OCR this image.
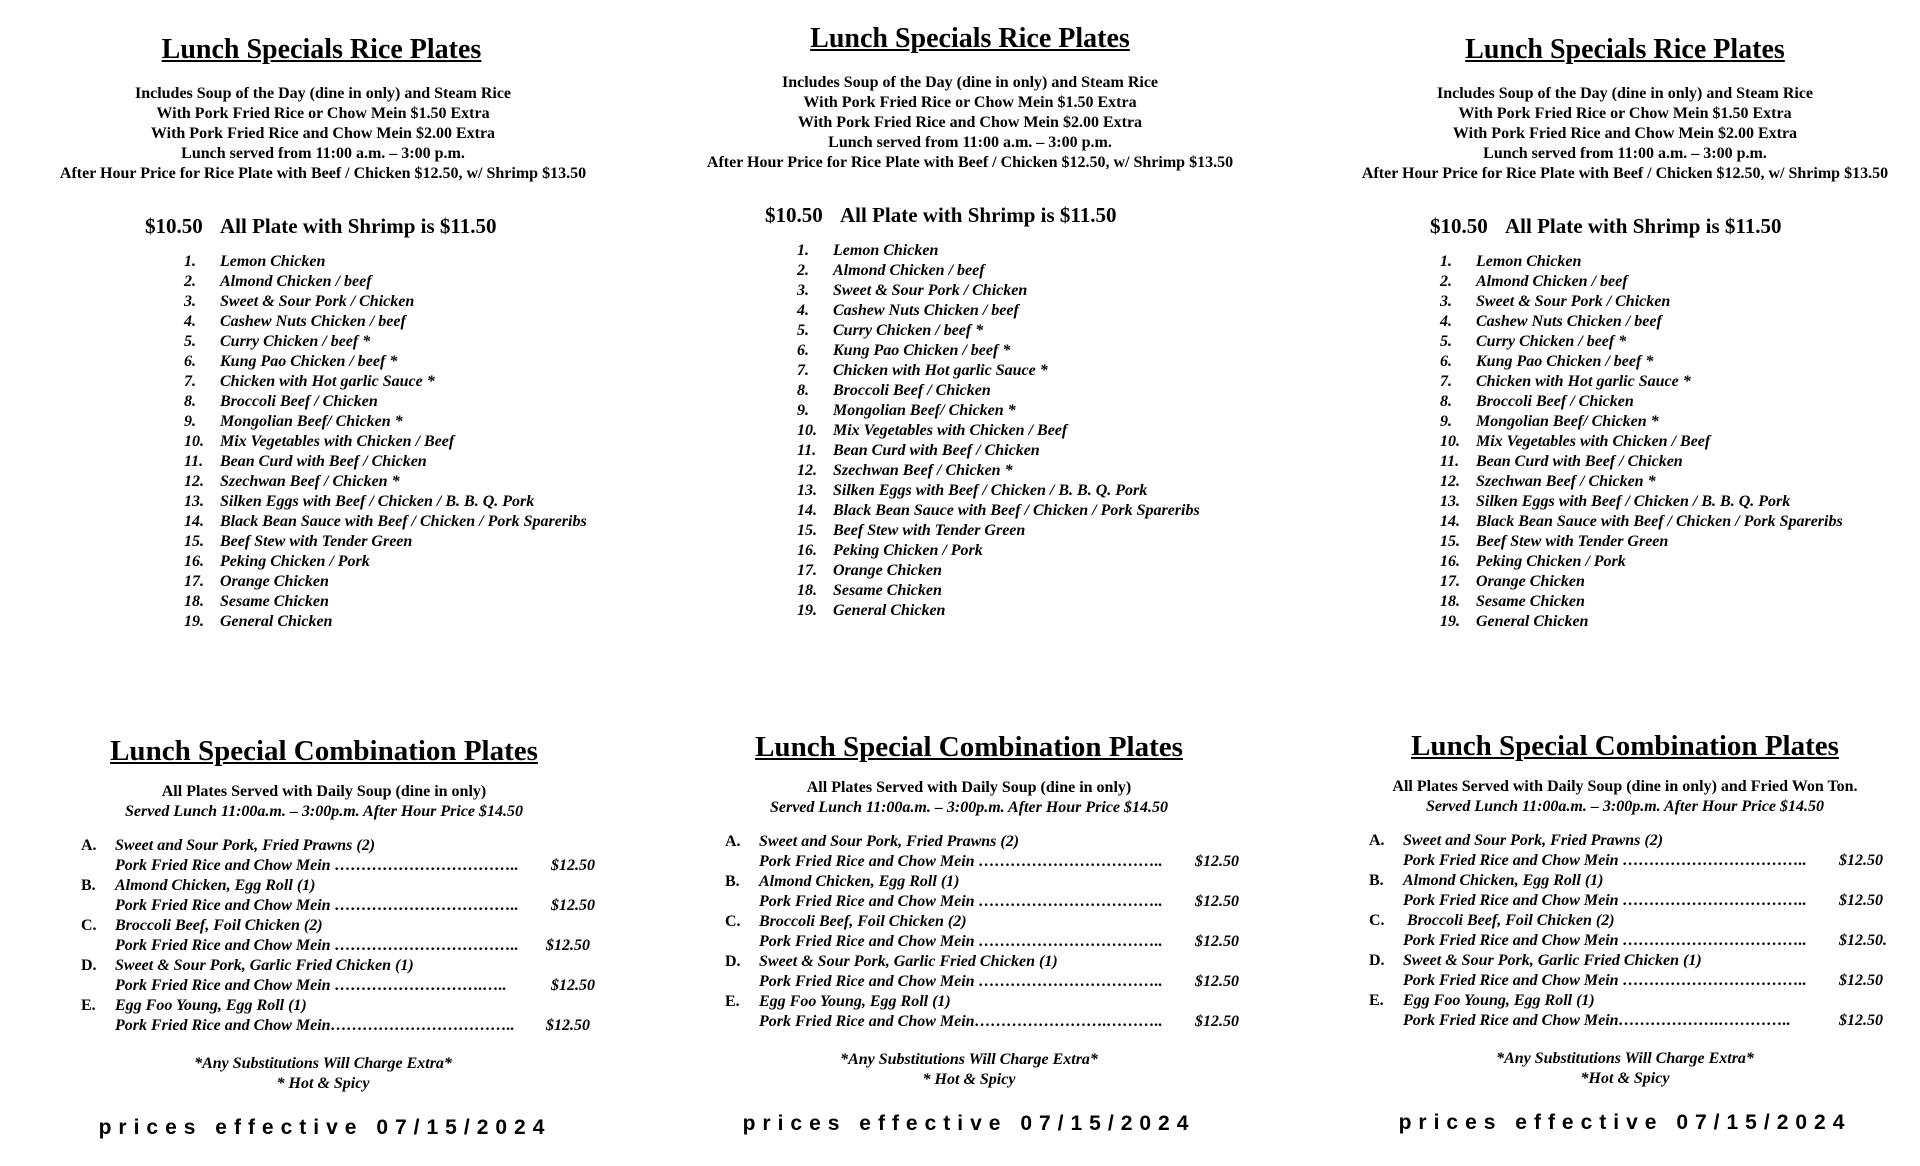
Lunch Specials Rice Plates
Includes Soup of the Day (dine in only) and Steam Rice
With Pork Fried Rice or Chow Mein $1.50 Extra
With Pork Fried Rice and Chow Mein $2.00 Extra
Lunch served from 11:00 a.m. – 3:00 p.m.
After Hour Price for Rice Plate with Beef / Chicken $12.50, w/ Shrimp $13.50
$10.50 All Plate with Shrimp is $11.50
1. Lemon Chicken
2. Almond Chicken / beef
3. Sweet & Sour Pork / Chicken
4. Cashew Nuts Chicken / beef
5. Curry Chicken / beef *
6. Kung Pao Chicken / beef *
7. Chicken with Hot garlic Sauce *
8. Broccoli Beef / Chicken
9. Mongolian Beef/ Chicken *
10. Mix Vegetables with Chicken / Beef
11. Bean Curd with Beef / Chicken
12. Szechwan Beef / Chicken *
13. Silken Eggs with Beef / Chicken / B. B. Q. Pork
14. Black Bean Sauce with Beef / Chicken / Pork Spareribs
15. Beef Stew with Tender Green
16. Peking Chicken / Pork
17. Orange Chicken
18. Sesame Chicken
19. General Chicken
Lunch Special Combination Plates
All Plates Served with Daily Soup (dine in only)
Served Lunch 11:00a.m. – 3:00p.m. After Hour Price $14.50
A. Sweet and Sour Pork, Fried Prawns (2)
Pork Fried Rice and Chow Mein …………………………….. $12.50
B. Almond Chicken, Egg Roll (1)
Pork Fried Rice and Chow Mein …………………………….. $12.50
C. Broccoli Beef, Foil Chicken (2)
Pork Fried Rice and Chow Mein …………………………….. $12.50
D. Sweet & Sour Pork, Garlic Fried Chicken (1)
Pork Fried Rice and Chow Mein ……………………….…..	$12.50
E. Egg Foo Young, Egg Roll (1)
Pork Fried Rice and Chow Mein…………………………….. $12.50
*Any Substitutions Will Charge Extra*
* Hot & Spicy
prices effective 07/15/2024
Lunch Specials Rice Plates
Includes Soup of the Day (dine in only) and Steam Rice
With Pork Fried Rice or Chow Mein $1.50 Extra
With Pork Fried Rice and Chow Mein $2.00 Extra
Lunch served from 11:00 a.m. – 3:00 p.m.
After Hour Price for Rice Plate with Beef / Chicken $12.50, w/ Shrimp $13.50
$10.50 All Plate with Shrimp is $11.50
1. Lemon Chicken
2. Almond Chicken / beef
3. Sweet & Sour Pork / Chicken
4. Cashew Nuts Chicken / beef
5. Curry Chicken / beef *
6. Kung Pao Chicken / beef *
7. Chicken with Hot garlic Sauce *
8. Broccoli Beef / Chicken
9. Mongolian Beef/ Chicken *
10. Mix Vegetables with Chicken / Beef
11. Bean Curd with Beef / Chicken
12. Szechwan Beef / Chicken *
13. Silken Eggs with Beef / Chicken / B. B. Q. Pork
14. Black Bean Sauce with Beef / Chicken / Pork Spareribs
15. Beef Stew with Tender Green
16. Peking Chicken / Pork
17. Orange Chicken
18. Sesame Chicken
19. General Chicken
Lunch Special Combination Plates
All Plates Served with Daily Soup (dine in only)
Served Lunch 11:00a.m. – 3:00p.m. After Hour Price $14.50
A. Sweet and Sour Pork, Fried Prawns (2)
Pork Fried Rice and Chow Mein …………………………….. $12.50
B. Almond Chicken, Egg Roll (1)
Pork Fried Rice and Chow Mein …………………………….. $12.50
C. Broccoli Beef, Foil Chicken (2)
Pork Fried Rice and Chow Mein …………………………….. $12.50
D. Sweet & Sour Pork, Garlic Fried Chicken (1)
Pork Fried Rice and Chow Mein …………………………….. $12.50
E. Egg Foo Young, Egg Roll (1)
Pork Fried Rice and Chow Mein…………………….……….. $12.50
*Any Substitutions Will Charge Extra*
* Hot & Spicy
prices effective 07/15/2024
Lunch Specials Rice Plates
Includes Soup of the Day (dine in only) and Steam Rice
With Pork Fried Rice or Chow Mein $1.50 Extra
With Pork Fried Rice and Chow Mein $2.00 Extra
Lunch served from 11:00 a.m. – 3:00 p.m.
After Hour Price for Rice Plate with Beef / Chicken $12.50, w/ Shrimp $13.50
$10.50 All Plate with Shrimp is $11.50
1. Lemon Chicken
2. Almond Chicken / beef
3. Sweet & Sour Pork / Chicken
4. Cashew Nuts Chicken / beef
5. Curry Chicken / beef *
6. Kung Pao Chicken / beef *
7. Chicken with Hot garlic Sauce *
8. Broccoli Beef / Chicken
9. Mongolian Beef/ Chicken *
10. Mix Vegetables with Chicken / Beef
11. Bean Curd with Beef / Chicken
12. Szechwan Beef / Chicken *
13. Silken Eggs with Beef / Chicken / B. B. Q. Pork
14. Black Bean Sauce with Beef / Chicken / Pork Spareribs
15. Beef Stew with Tender Green
16. Peking Chicken / Pork
17. Orange Chicken
18. Sesame Chicken
19. General Chicken
Lunch Special Combination Plates
All Plates Served with Daily Soup (dine in only) and Fried Won Ton.
Served Lunch 11:00a.m. – 3:00p.m. After Hour Price $14.50
A. Sweet and Sour Pork, Fried Prawns (2)
Pork Fried Rice and Chow Mein …………………………….. $12.50
B. Almond Chicken, Egg Roll (1)
Pork Fried Rice and Chow Mein …………………………….. $12.50
C. Broccoli Beef, Foil Chicken (2)
Pork Fried Rice and Chow Mein …………………………….. $12.50.
D. Sweet & Sour Pork, Garlic Fried Chicken (1)
Pork Fried Rice and Chow Mein …………………………….. $12.50
E. Egg Foo Young, Egg Roll (1)
Pork Fried Rice and Chow Mein……………….…………..	$12.50
*Any Substitutions Will Charge Extra*
*Hot & Spicy
prices effective 07/15/2024
